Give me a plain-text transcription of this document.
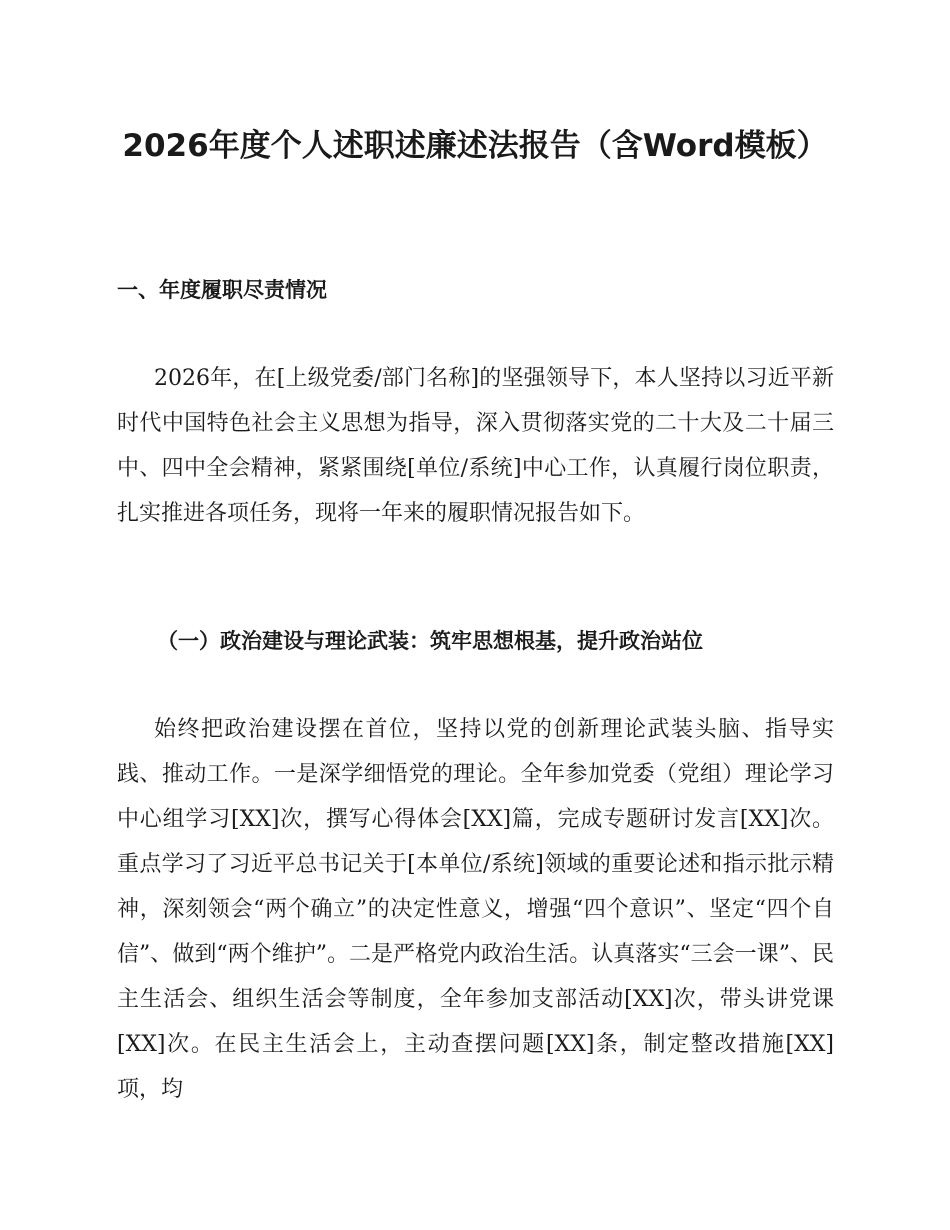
2026年度个人述职述廉述法报告（含Word模板）
一、年度履职尽责情况

2026年，在[上级党委/部门名称]的坚强领导下，本人坚持以习近平新时代中国特色社会主义思想为指导，深入贯彻落实党的二十大及二十届三中、四中全会精神，紧紧围绕[单位/系统]中心工作，认真履行岗位职责，扎实推进各项任务，现将一年来的履职情况报告如下。

（一）政治建设与理论武装：筑牢思想根基，提升政治站位

始终把政治建设摆在首位，坚持以党的创新理论武装头脑、指导实践、推动工作。一是深学细悟党的理论。全年参加党委（党组）理论学习中心组学习[XX]次，撰写心得体会[XX]篇，完成专题研讨发言[XX]次。重点学习了习近平总书记关于[本单位/系统]领域的重要论述和指示批示精神，深刻领会“两个确立”的决定性意义，增强“四个意识”、坚定“四个自信”、做到“两个维护”。二是严格党内政治生活。认真落实“三会一课”、民主生活会、组织生活会等制度，全年参加支部活动[XX]次，带头讲党课[XX]次。在民主生活会上，主动查摆问题[XX]条，制定整改措施[XX]项，均
